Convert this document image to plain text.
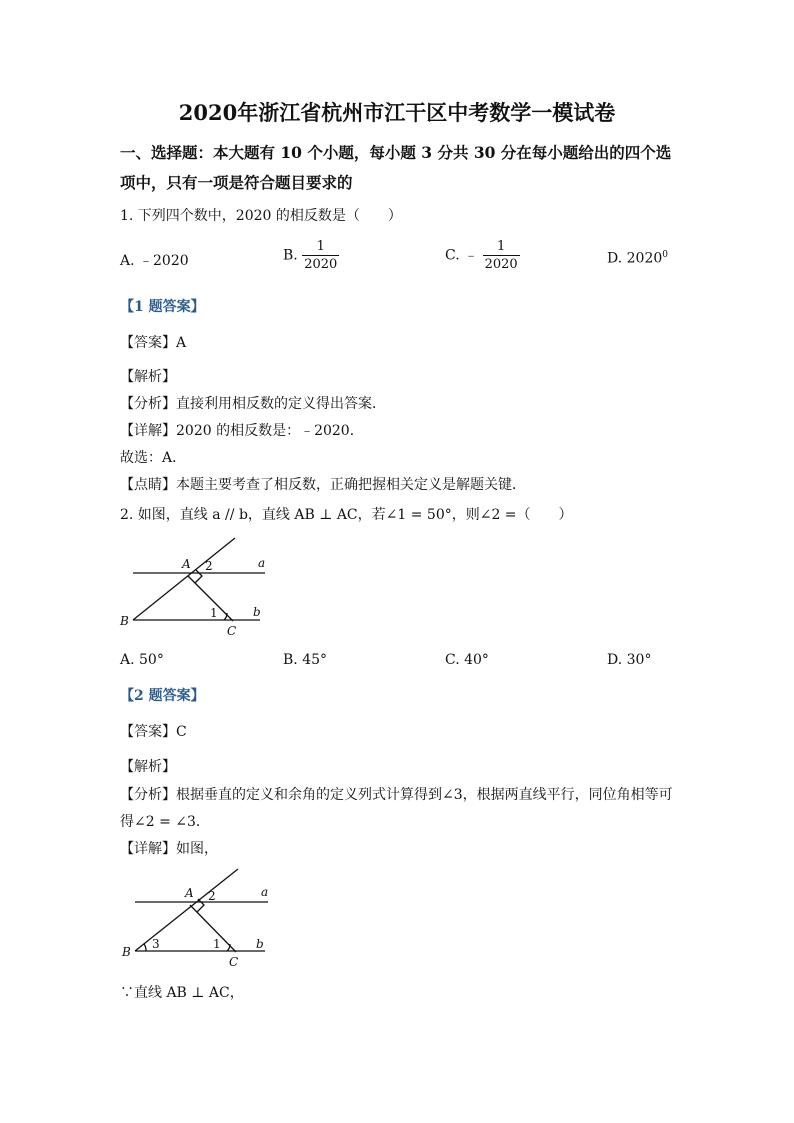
2020年浙江省杭州市江干区中考数学一模试卷
一、选择题：本大题有 10 个小题，每小题 3 分共 30 分在每小题给出的四个选
项中，只有一项是符合题目要求的
1. 下列四个数中，2020 的相反数是（　　）
A. ﹣2020	B. $\frac{1}{2020}$	C. ﹣ $\frac{1}{2020}$	D. 2020$^0$
【1 题答案】
【答案】A
【解析】
【分析】直接利用相反数的定义得出答案．
【详解】2020 的相反数是：﹣2020．
故选：A．
【点睛】本题主要考查了相反数，正确把握相关定义是解题关键．
2. 如图，直线 a // b，直线 AB ⊥ AC，若∠1 = 50°，则∠2 =（　　）
A 2	a
1	b
B
C
A. 50°	B. 45°	C. 40°	D. 30°
【2 题答案】
【答案】C
【解析】
【分析】根据垂直的定义和余角的定义列式计算得到∠3，根据两直线平行，同位角相等可
得∠2 = ∠3．
【详解】如图，
A 2	a
1	b
B
3
C
∵直线 AB ⊥ AC，
